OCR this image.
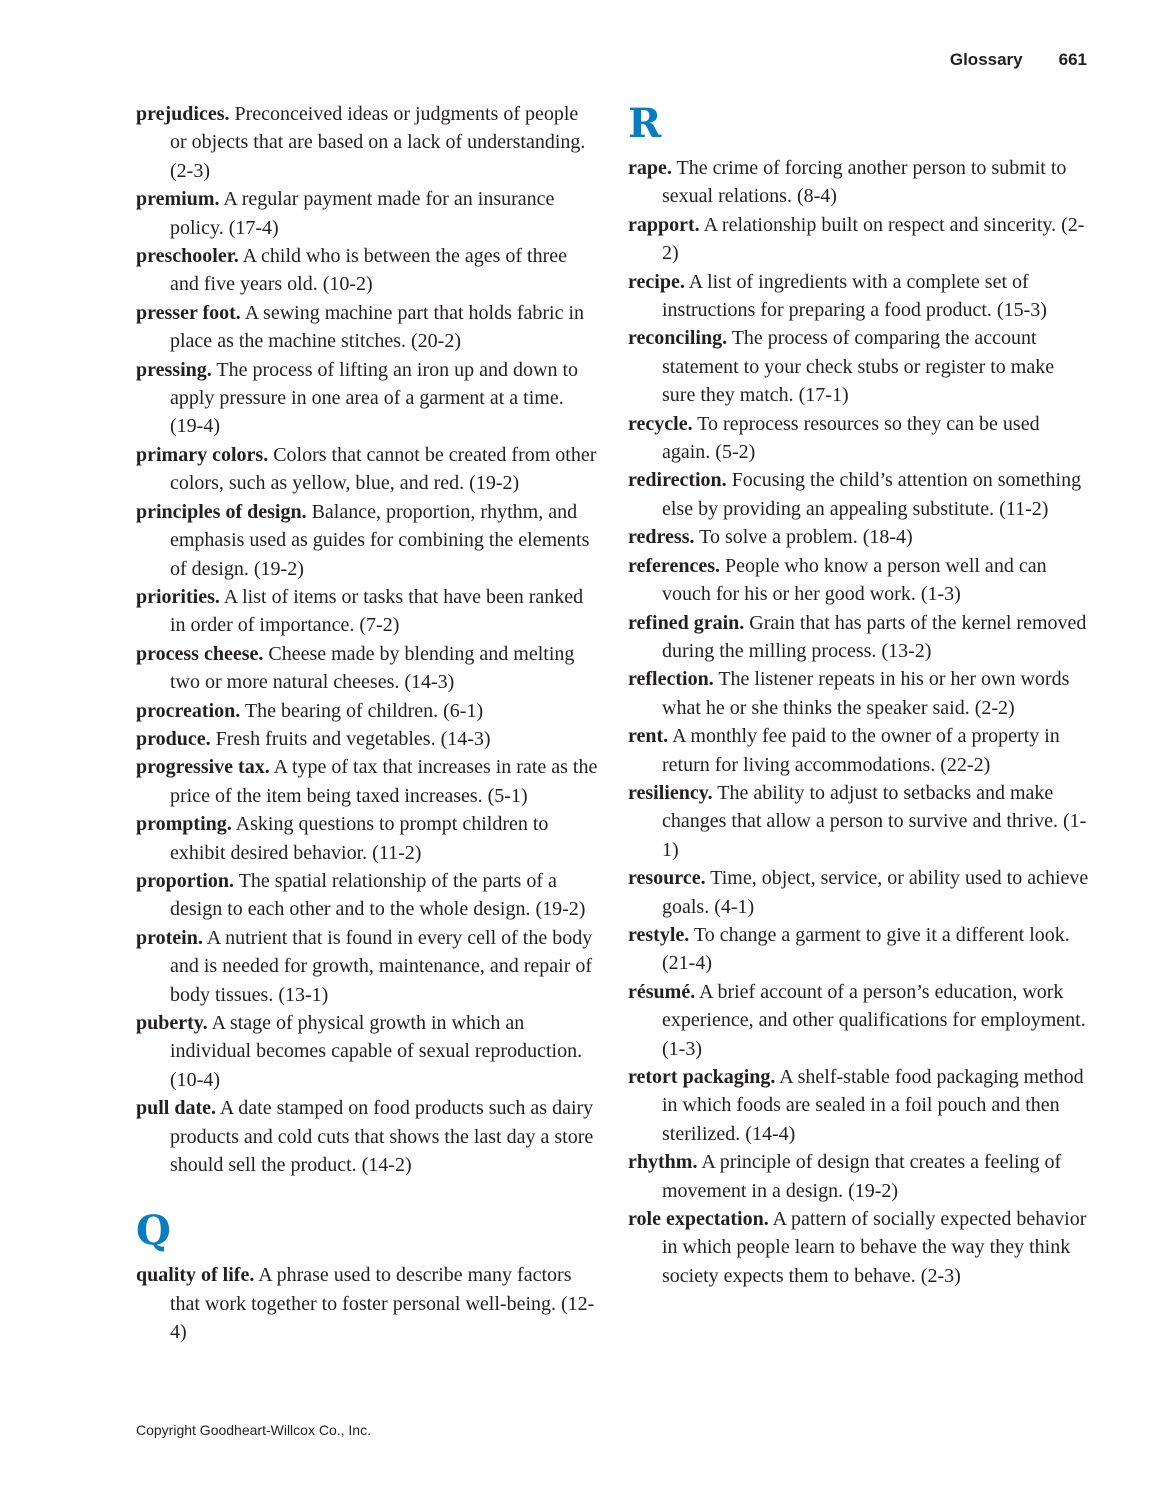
Glossary 661

prejudices. Preconceived ideas or judgments of people or objects that are based on a lack of understanding. (2-3)

premium. A regular payment made for an insurance policy. (17-4)

preschooler. A child who is between the ages of three and five years old. (10-2)

presser foot. A sewing machine part that holds fabric in place as the machine stitches. (20-2)

pressing. The process of lifting an iron up and down to apply pressure in one area of a garment at a time. (19-4)

primary colors. Colors that cannot be created from other colors, such as yellow, blue, and red. (19-2)

principles of design. Balance, proportion, rhythm, and emphasis used as guides for combining the elements of design. (19-2)

priorities. A list of items or tasks that have been ranked in order of importance. (7-2)

process cheese. Cheese made by blending and melting two or more natural cheeses. (14-3)

procreation. The bearing of children. (6-1)

produce. Fresh fruits and vegetables. (14-3)

progressive tax. A type of tax that increases in rate as the price of the item being taxed increases. (5-1)

prompting. Asking questions to prompt children to exhibit desired behavior. (11-2)

proportion. The spatial relationship of the parts of a design to each other and to the whole design. (19-2)

protein. A nutrient that is found in every cell of the body and is needed for growth, maintenance, and repair of body tissues. (13-1)

puberty. A stage of physical growth in which an individual becomes capable of sexual reproduction. (10-4)

pull date. A date stamped on food products such as dairy products and cold cuts that shows the last day a store should sell the product. (14-2)

Q

quality of life. A phrase used to describe many factors that work together to foster personal well-being. (12-4)

R

rape. The crime of forcing another person to submit to sexual relations. (8-4)

rapport. A relationship built on respect and sincerity. (2-2)

recipe. A list of ingredients with a complete set of instructions for preparing a food product. (15-3)

reconciling. The process of comparing the account statement to your check stubs or register to make sure they match. (17-1)

recycle. To reprocess resources so they can be used again. (5-2)

redirection. Focusing the child’s attention on something else by providing an appealing substitute. (11-2)

redress. To solve a problem. (18-4)

references. People who know a person well and can vouch for his or her good work. (1-3)

refined grain. Grain that has parts of the kernel removed during the milling process. (13-2)

reflection. The listener repeats in his or her own words what he or she thinks the speaker said. (2-2)

rent. A monthly fee paid to the owner of a property in return for living accommodations. (22-2)

resiliency. The ability to adjust to setbacks and make changes that allow a person to survive and thrive. (1-1)

resource. Time, object, service, or ability used to achieve goals. (4-1)

restyle. To change a garment to give it a different look. (21-4)

résumé. A brief account of a person’s education, work experience, and other qualifications for employment. (1-3)

retort packaging. A shelf-stable food packaging method in which foods are sealed in a foil pouch and then sterilized. (14-4)

rhythm. A principle of design that creates a feeling of movement in a design. (19-2)

role expectation. A pattern of socially expected behavior in which people learn to behave the way they think society expects them to behave. (2-3)

Copyright Goodheart-Willcox Co., Inc.
